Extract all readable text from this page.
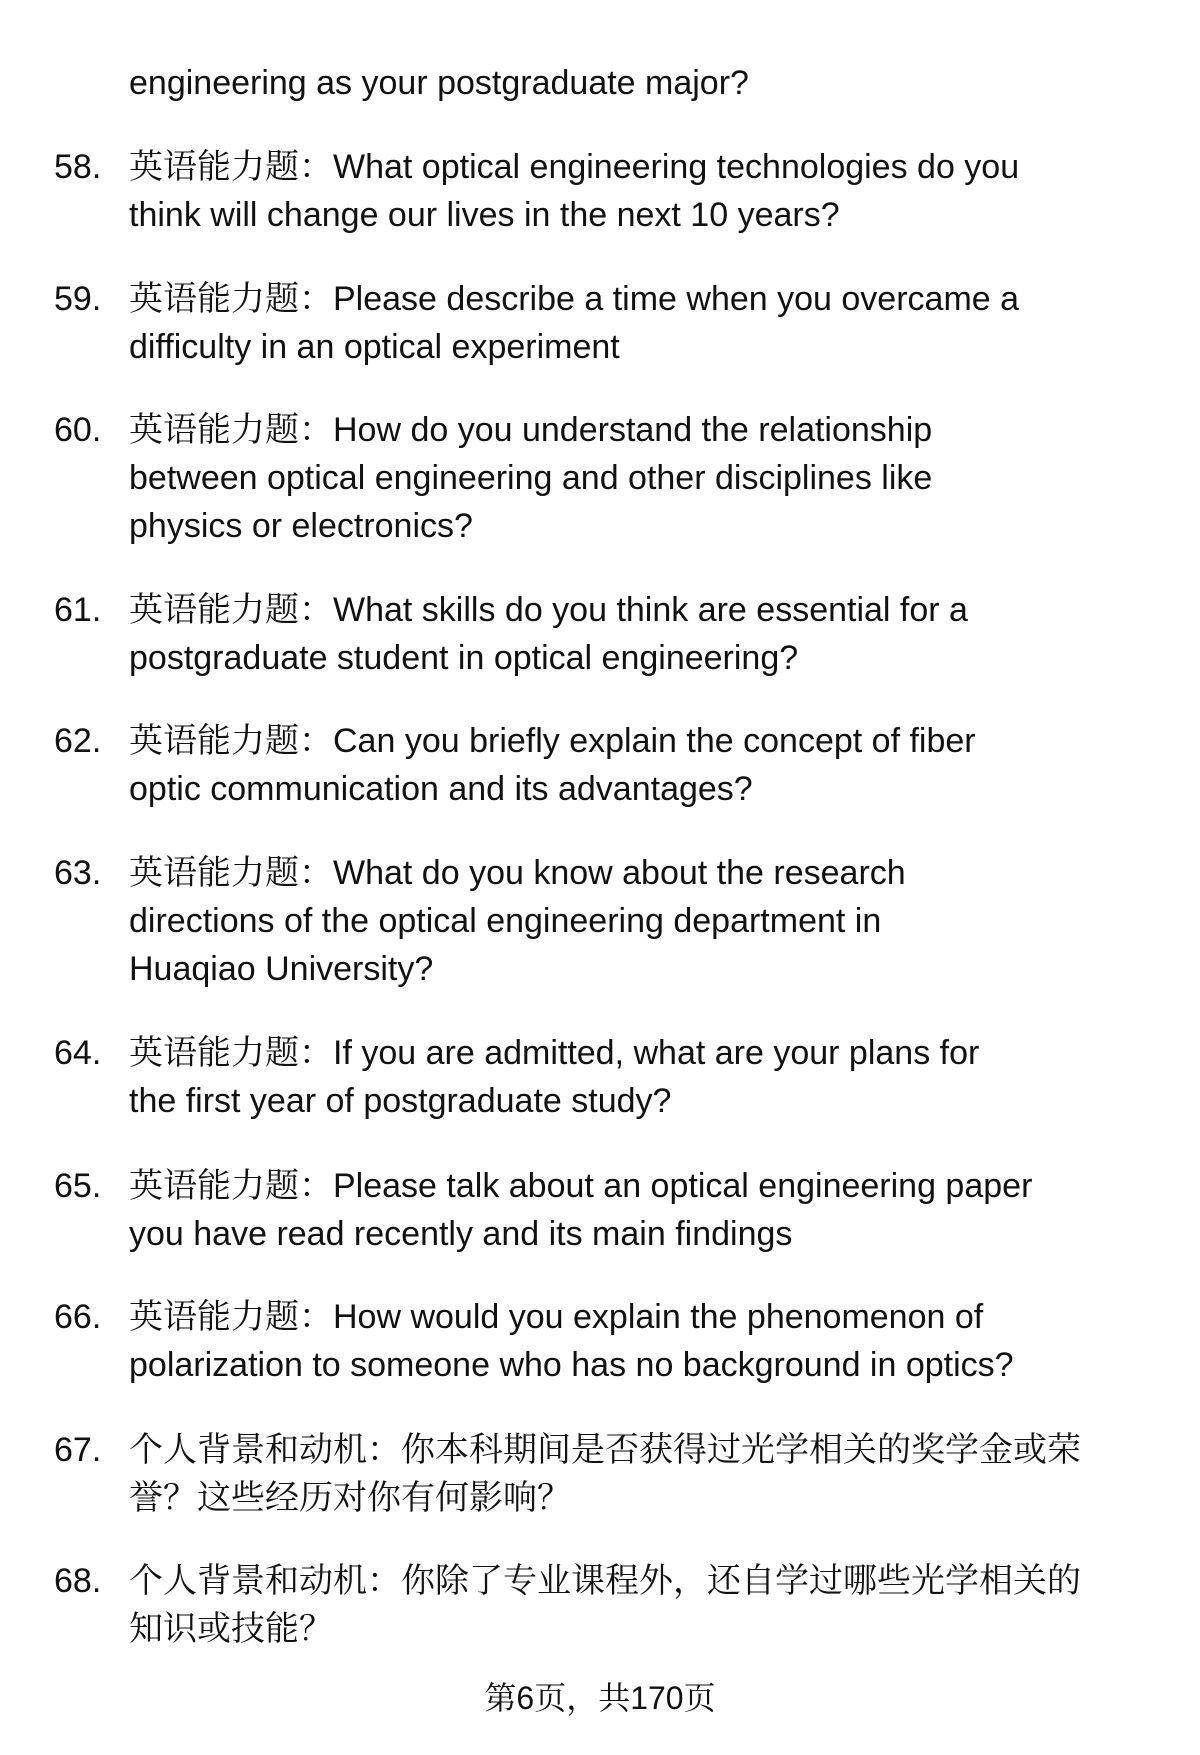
engineering as your postgraduate major?
58. 英语能力题：What optical engineering technologies do you
think will change our lives in the next 10 years?
59. 英语能力题：Please describe a time when you overcame a
difficulty in an optical experiment
60. 英语能力题：How do you understand the relationship
between optical engineering and other disciplines like
physics or electronics?
61. 英语能力题：What skills do you think are essential for a
postgraduate student in optical engineering?
62. 英语能力题：Can you briefly explain the concept of fiber
optic communication and its advantages?
63. 英语能力题：What do you know about the research
directions of the optical engineering department in
Huaqiao University?
64. 英语能力题：If you are admitted, what are your plans for
the first year of postgraduate study?
65. 英语能力题：Please talk about an optical engineering paper
you have read recently and its main findings
66. 英语能力题：How would you explain the phenomenon of
polarization to someone who has no background in optics?
67. 个人背景和动机：你本科期间是否获得过光学相关的奖学金或荣
誉？这些经历对你有何影响？
68. 个人背景和动机：你除了专业课程外，还自学过哪些光学相关的
知识或技能？
第6页，共170页
